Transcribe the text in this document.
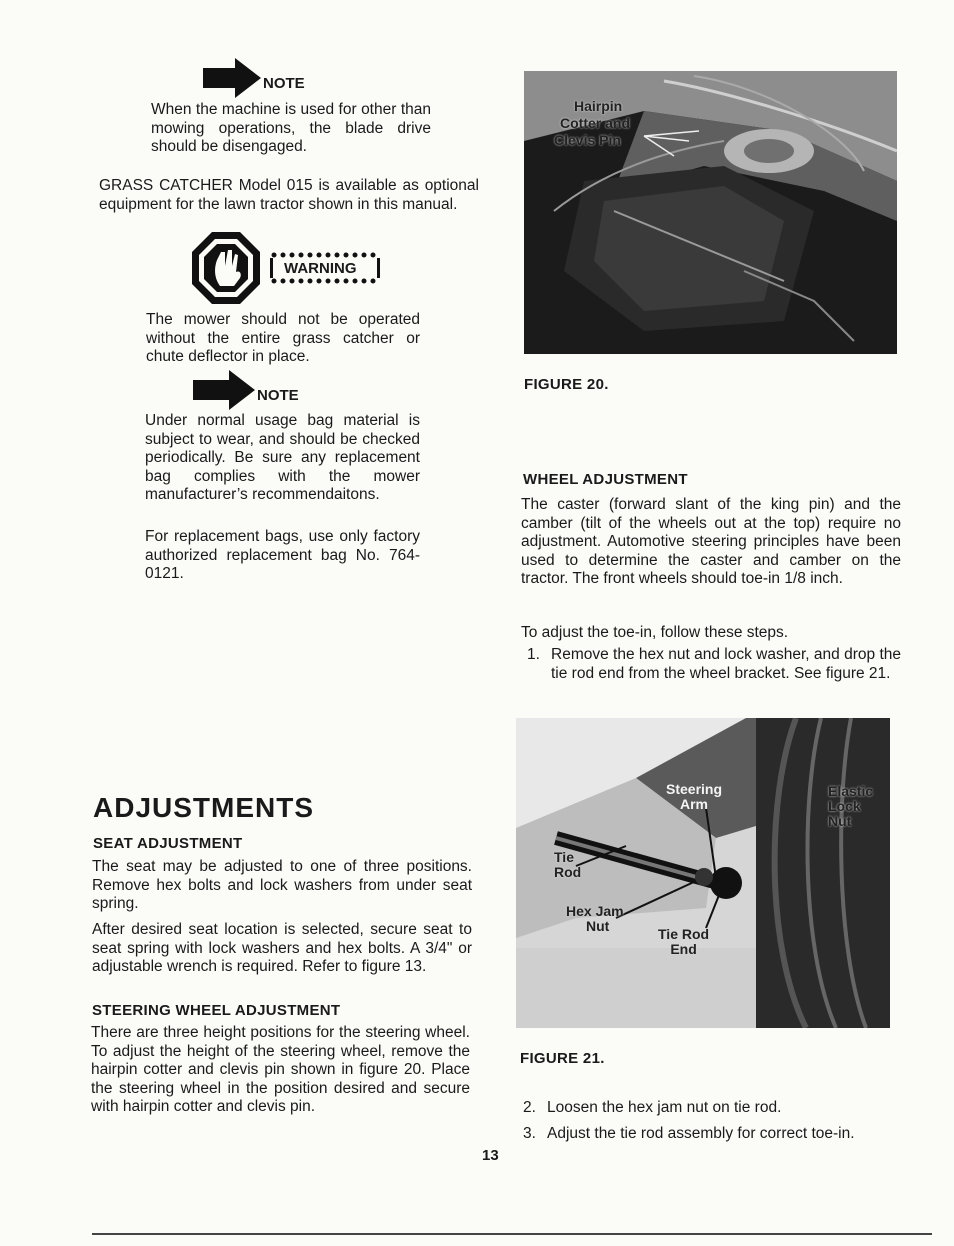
NOTE

When the machine is used for other than mowing operations, the blade drive should be disengaged.

GRASS CATCHER Model 015 is available as optional equipment for the lawn tractor shown in this manual.

WARNING

The mower should not be operated without the entire grass catcher or chute deflector in place.

NOTE

Under normal usage bag material is subject to wear, and should be checked periodically. Be sure any replacement bag complies with the mower manufacturer’s recommendaitons.

For replacement bags, use only factory authorized replacement bag No. 764-0121.

ADJUSTMENTS
SEAT ADJUSTMENT

The seat may be adjusted to one of three positions. Remove hex bolts and lock washers from under seat spring.

After desired seat location is selected, secure seat to seat spring with lock washers and hex bolts. A 3/4" or adjustable wrench is required. Refer to figure 13.

STEERING WHEEL ADJUSTMENT

There are three height positions for the steering wheel. To adjust the height of the steering wheel, remove the hairpin cotter and clevis pin shown in figure 20. Place the steering wheel in the position desired and secure with hairpin cotter and clevis pin.

Hairpin
Cotter and
Clevis Pin
FIGURE 20.
WHEEL ADJUSTMENT

The caster (forward slant of the king pin) and the camber (tilt of the wheels out at the top) require no adjustment. Automotive steering principles have been used to determine the caster and camber on the tractor. The front wheels should toe-in 1/8 inch.

To adjust the toe-in, follow these steps.

1. Remove the hex nut and lock washer, and drop the tie rod end from the wheel bracket. See figure 21.
Steering
Arm
Elastic
Lock
Nut
Tie
Rod
Hex Jam
Nut	Tie Rod
End
FIGURE 21.
2. Loosen the hex jam nut on tie rod.
3. Adjust the tie rod assembly for correct toe-in.
13
